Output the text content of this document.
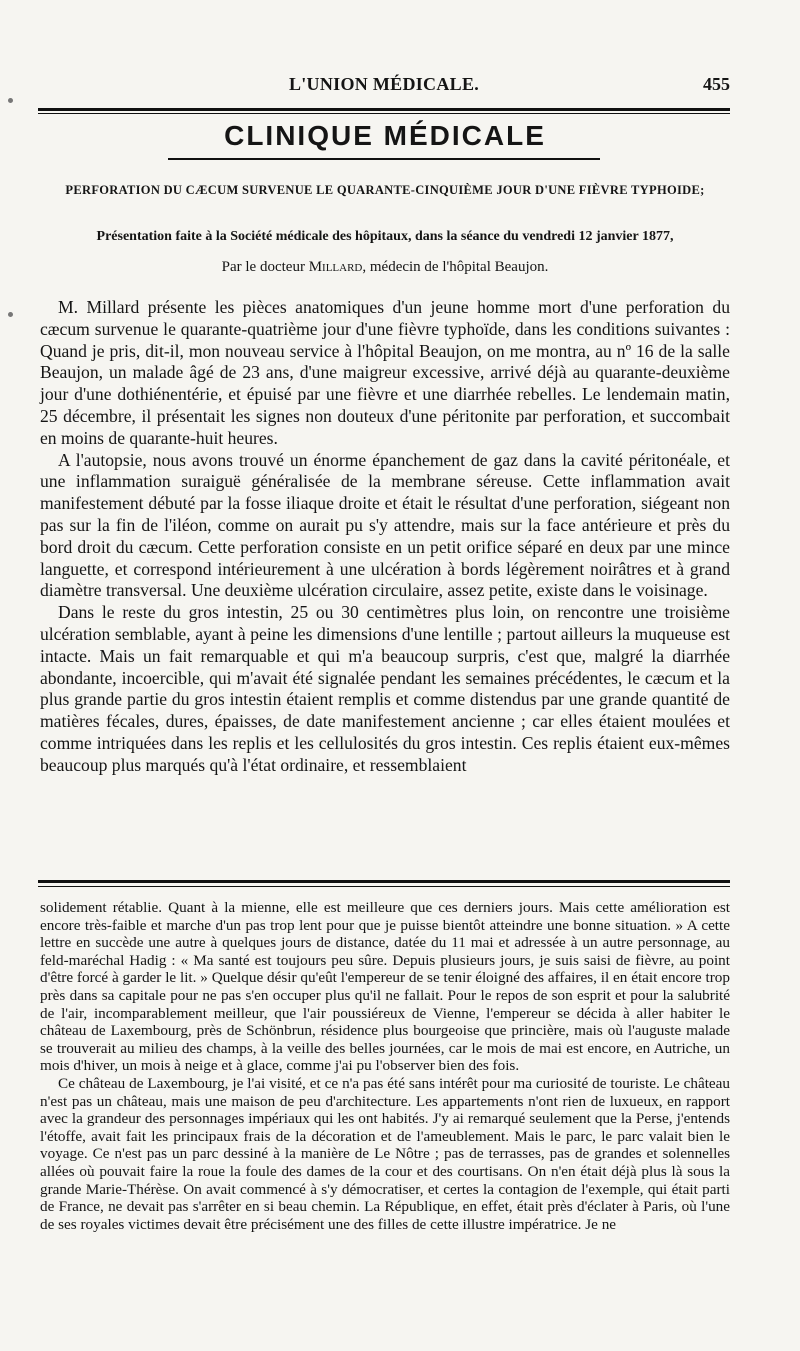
L'UNION MÉDICALE.	455
CLINIQUE MÉDICALE
PERFORATION DU CÆCUM SURVENUE LE QUARANTE-CINQUIÈME JOUR D'UNE FIÈVRE TYPHOIDE;
Présentation faite à la Société médicale des hôpitaux, dans la séance du vendredi 12 janvier 1877,
Par le docteur Millard, médecin de l'hôpital Beaujon.

M. Millard présente les pièces anatomiques d'un jeune homme mort d'une perforation du cæcum survenue le quarante-quatrième jour d'une fièvre typhoïde, dans les conditions suivantes : Quand je pris, dit-il, mon nouveau service à l'hôpital Beaujon, on me montra, au nº 16 de la salle Beaujon, un malade âgé de 23 ans, d'une maigreur excessive, arrivé déjà au quarante-deuxième jour d'une dothiénentérie, et épuisé par une fièvre et une diarrhée rebelles. Le lendemain matin, 25 décembre, il présentait les signes non douteux d'une péritonite par perforation, et succombait en moins de quarante-huit heures.

A l'autopsie, nous avons trouvé un énorme épanchement de gaz dans la cavité péritonéale, et une inflammation suraiguë généralisée de la membrane séreuse. Cette inflammation avait manifestement débuté par la fosse iliaque droite et était le résultat d'une perforation, siégeant non pas sur la fin de l'iléon, comme on aurait pu s'y attendre, mais sur la face antérieure et près du bord droit du cæcum. Cette perforation consiste en un petit orifice séparé en deux par une mince languette, et correspond intérieurement à une ulcération à bords légèrement noirâtres et à grand diamètre transversal. Une deuxième ulcération circulaire, assez petite, existe dans le voisinage.

Dans le reste du gros intestin, 25 ou 30 centimètres plus loin, on rencontre une troisième ulcération semblable, ayant à peine les dimensions d'une lentille ; partout ailleurs la muqueuse est intacte. Mais un fait remarquable et qui m'a beaucoup surpris, c'est que, malgré la diarrhée abondante, incoercible, qui m'avait été signalée pendant les semaines précédentes, le cæcum et la plus grande partie du gros intestin étaient remplis et comme distendus par une grande quantité de matières fécales, dures, épaisses, de date manifestement ancienne ; car elles étaient moulées et comme intriquées dans les replis et les cellulosités du gros intestin. Ces replis étaient eux-mêmes beaucoup plus marqués qu'à l'état ordinaire, et ressemblaient

solidement rétablie. Quant à la mienne, elle est meilleure que ces derniers jours. Mais cette amélioration est encore très-faible et marche d'un pas trop lent pour que je puisse bientôt atteindre une bonne situation. » A cette lettre en succède une autre à quelques jours de distance, datée du 11 mai et adressée à un autre personnage, au feld-maréchal Hadig : « Ma santé est toujours peu sûre. Depuis plusieurs jours, je suis saisi de fièvre, au point d'être forcé à garder le lit. » Quelque désir qu'eût l'empereur de se tenir éloigné des affaires, il en était encore trop près dans sa capitale pour ne pas s'en occuper plus qu'il ne fallait. Pour le repos de son esprit et pour la salubrité de l'air, incomparablement meilleur, que l'air poussiéreux de Vienne, l'empereur se décida à aller habiter le château de Laxembourg, près de Schönbrun, résidence plus bourgeoise que princière, mais où l'auguste malade se trouverait au milieu des champs, à la veille des belles journées, car le mois de mai est encore, en Autriche, un mois d'hiver, un mois à neige et à glace, comme j'ai pu l'observer bien des fois.

Ce château de Laxembourg, je l'ai visité, et ce n'a pas été sans intérêt pour ma curiosité de touriste. Le château n'est pas un château, mais une maison de peu d'architecture. Les appartements n'ont rien de luxueux, en rapport avec la grandeur des personnages impériaux qui les ont habités. J'y ai remarqué seulement que la Perse, j'entends l'étoffe, avait fait les principaux frais de la décoration et de l'ameublement. Mais le parc, le parc valait bien le voyage. Ce n'est pas un parc dessiné à la manière de Le Nôtre ; pas de terrasses, pas de grandes et solennelles allées où pouvait faire la roue la foule des dames de la cour et des courtisans. On n'en était déjà plus là sous la grande Marie-Thérèse. On avait commencé à s'y démocratiser, et certes la contagion de l'exemple, qui était parti de France, ne devait pas s'arrêter en si beau chemin. La République, en effet, était près d'éclater à Paris, où l'une de ses royales victimes devait être précisément une des filles de cette illustre impératrice. Je ne
